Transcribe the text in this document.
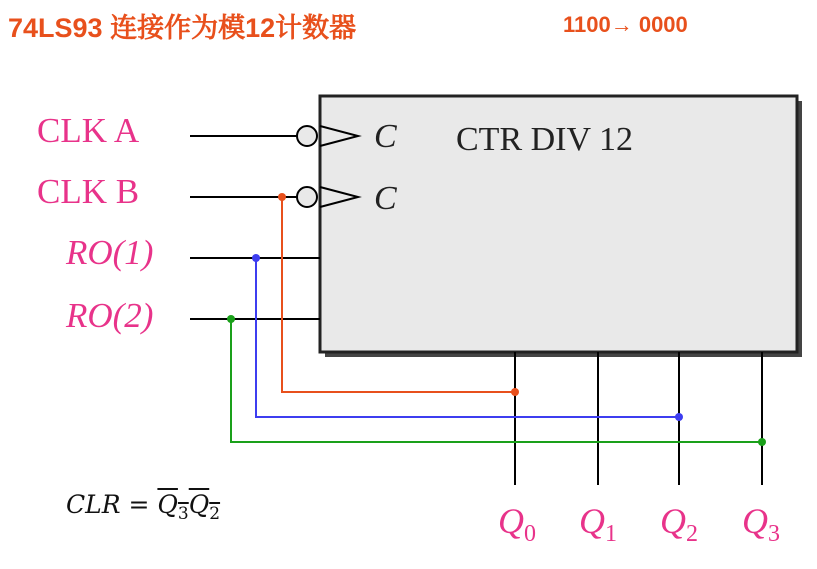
74LS93 连接作为模12计数器	1100→ 0000
CTR DIV 12
C
C
CLK A
CLK B
RO(1)
RO(2)
$Q_0$ $Q_1$ $Q_2$ $Q_3$
CLR = $Q_3Q_2$
